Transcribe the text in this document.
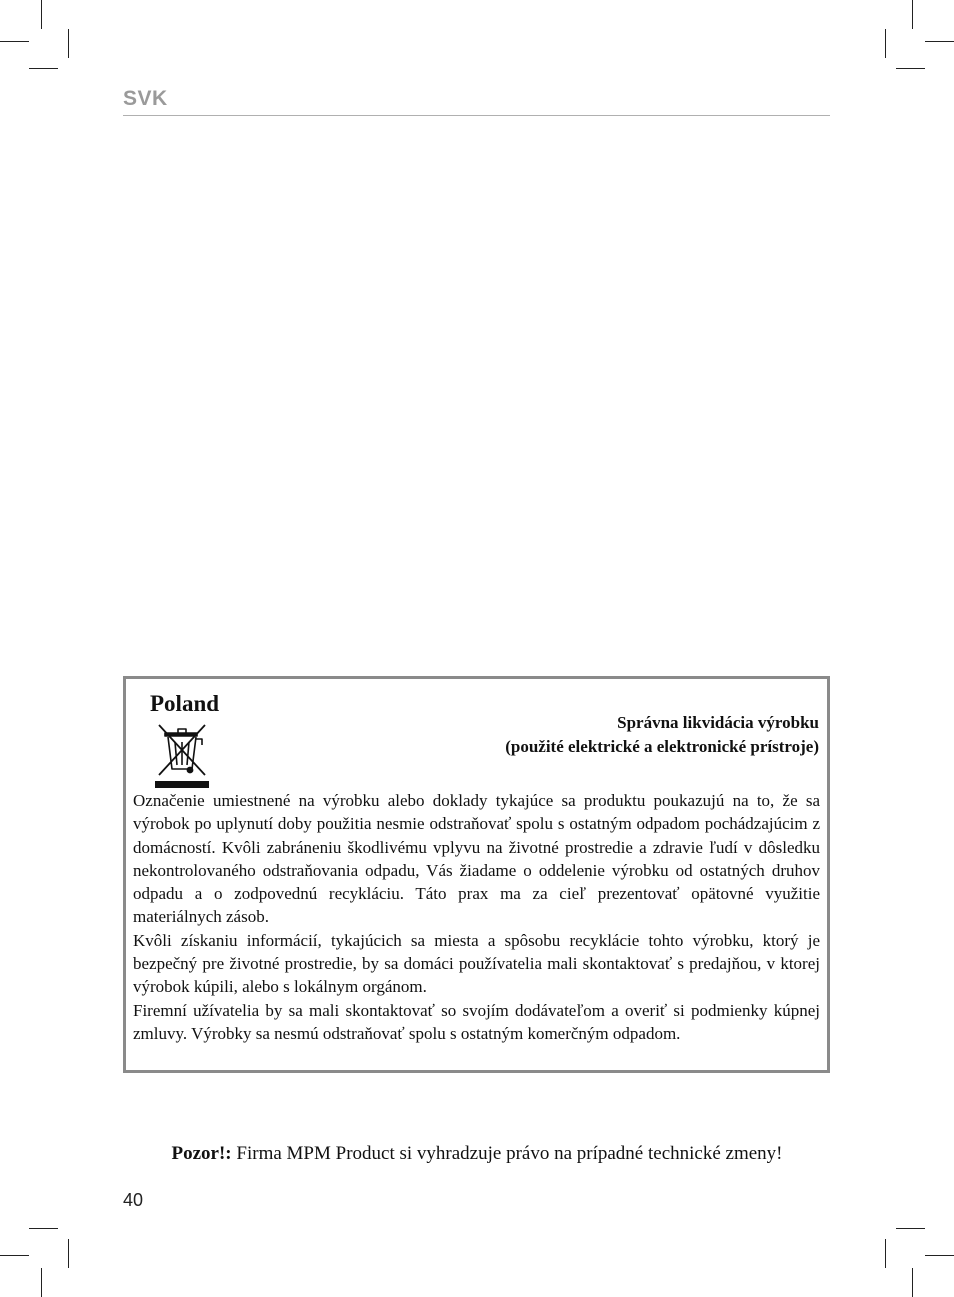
SVK
Poland
Správna likvidácia výrobku
(použité elektrické a elektronické prístroje)

Označenie umiestnené na výrobku alebo doklady tykajúce sa produktu poukazujú na to, že sa výrobok po uplynutí doby použitia nesmie odstraňovať spolu s ostatným odpadom pochádzajúcim z domácností. Kvôli zabráneniu škodlivému vplyvu na životné prostredie a zdravie ľudí v dôsledku nekontrolovaného odstraňovania odpadu, Vás žiadame o oddelenie výrobku od ostatných druhov odpadu a o zodpovednú recykláciu. Táto prax ma za cieľ prezentovať opätovné využitie materiálnych zásob.

Kvôli získaniu informácií, tykajúcich sa miesta a spôsobu recyklácie tohto výrobku, ktorý je bezpečný pre životné prostredie, by sa domáci používatelia mali skontaktovať s predajňou, v ktorej výrobok kúpili, alebo s lokálnym orgánom.

Firemní užívatelia by sa mali skontaktovať so svojím dodávateľom a overiť si podmienky kúpnej zmluvy. Výrobky sa nesmú odstraňovať spolu s ostatným komerčným odpadom.

Pozor!: Firma MPM Product si vyhradzuje právo na prípadné technické zmeny!
40
